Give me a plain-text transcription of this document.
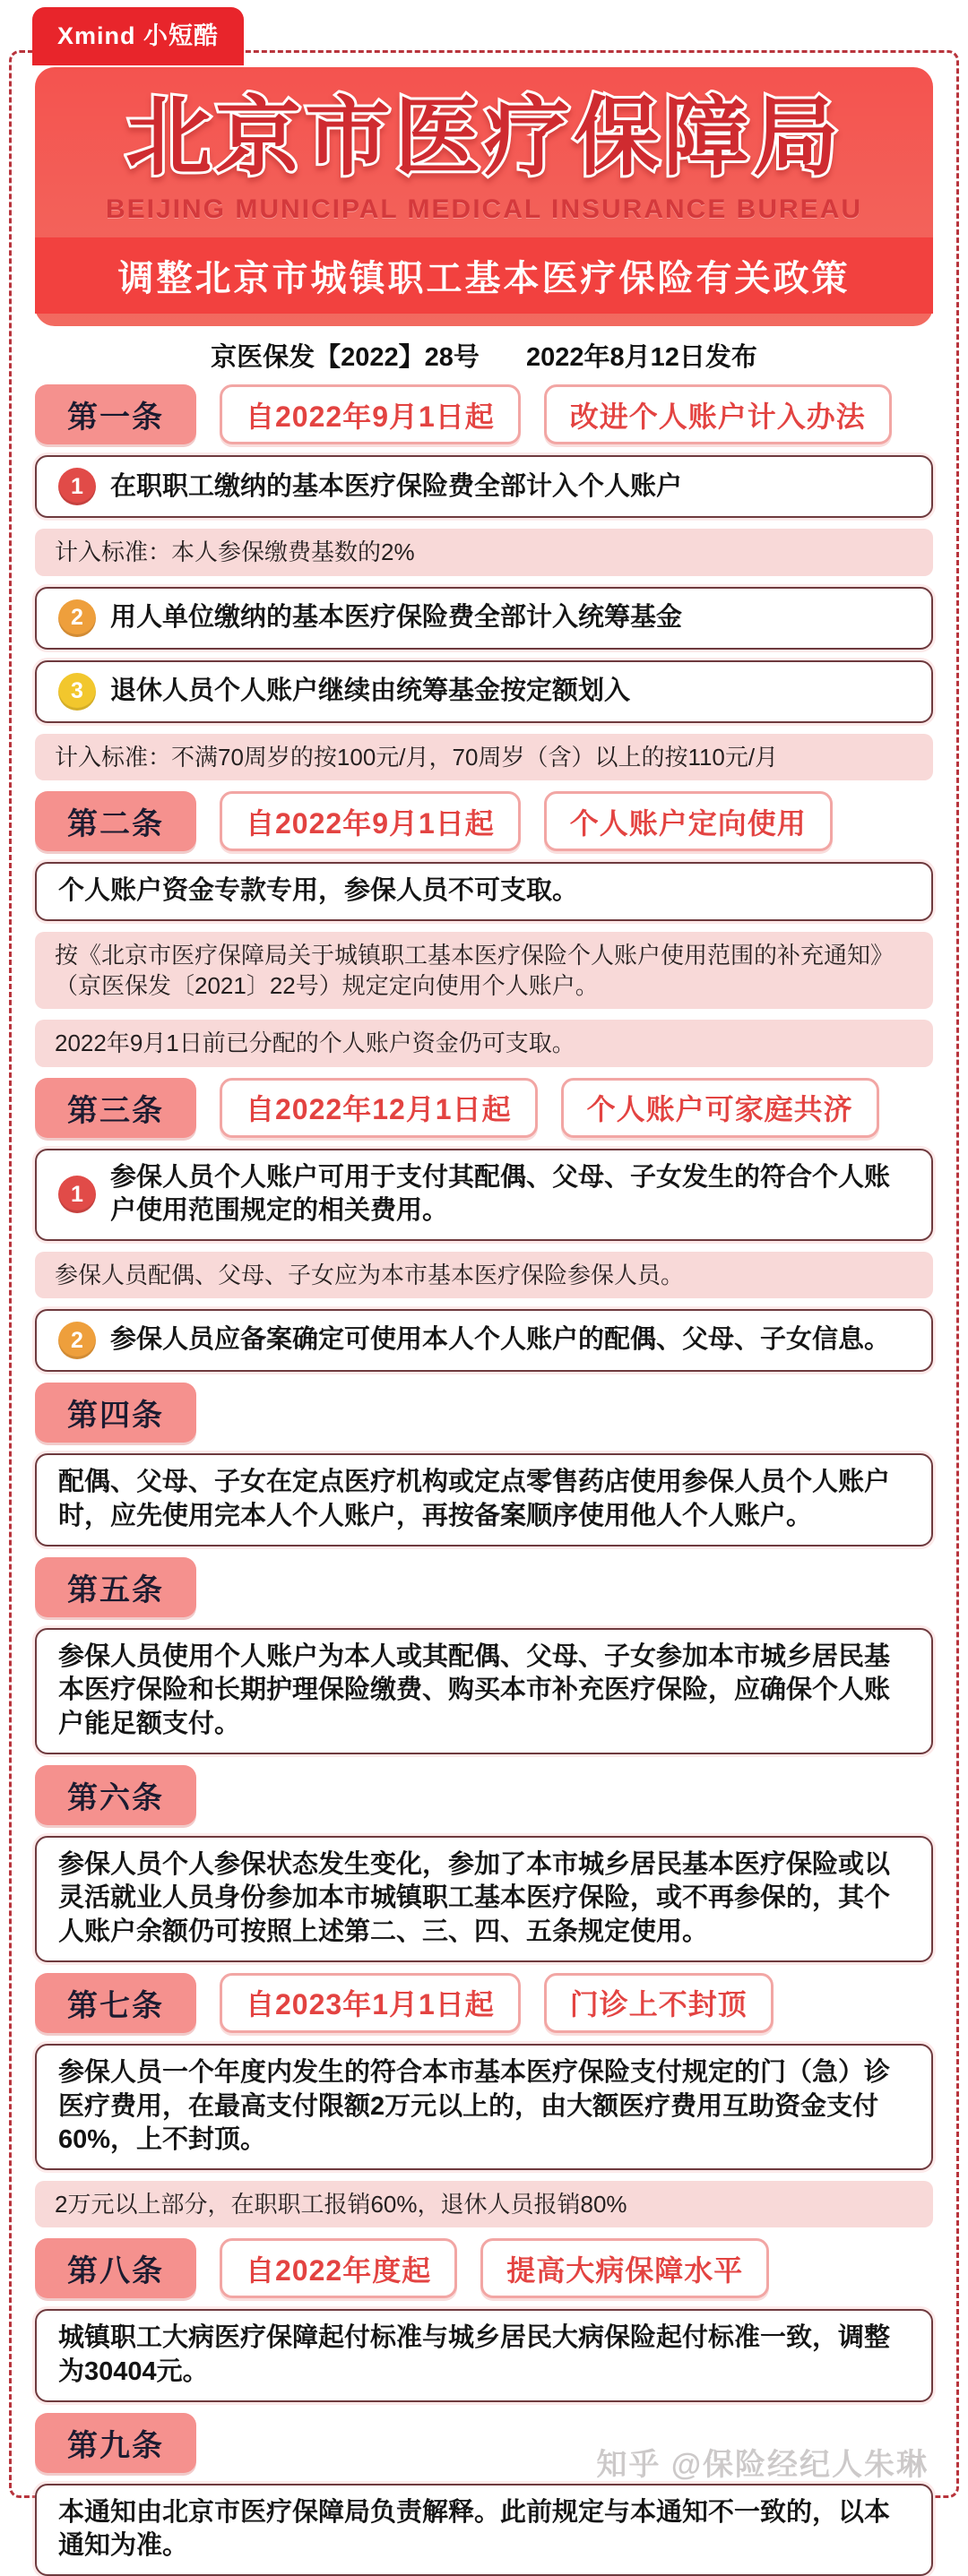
Xmind 小短酷
北京市医疗保障局
BEIJING MUNICIPAL MEDICAL INSURANCE BUREAU
调整北京市城镇职工基本医疗保险有关政策
京医保发【2022】28号 2022年8月12日发布
第一条	自2022年9月1日起	改进个人账户计入办法
1	在职职工缴纳的基本医疗保险费全部计入个人账户
计入标准：本人参保缴费基数的2%
2	用人单位缴纳的基本医疗保险费全部计入统筹基金
3	退休人员个人账户继续由统筹基金按定额划入
计入标准：不满70周岁的按100元/月，70周岁（含）以上的按110元/月
第二条	自2022年9月1日起	个人账户定向使用
个人账户资金专款专用，参保人员不可支取。
按《北京市医疗保障局关于城镇职工基本医疗保险个人账户使用范围的补充通知》（京医保发〔2021〕22号）规定定向使用个人账户。
2022年9月1日前已分配的个人账户资金仍可支取。
第三条	自2022年12月1日起	个人账户可家庭共济
1
参保人员个人账户可用于支付其配偶、父母、子女发生的符合个人账户使用范围规定的相关费用。
参保人员配偶、父母、子女应为本市基本医疗保险参保人员。
2	参保人员应备案确定可使用本人个人账户的配偶、父母、子女信息。
第四条
配偶、父母、子女在定点医疗机构或定点零售药店使用参保人员个人账户时，应先使用完本人个人账户，再按备案顺序使用他人个人账户。
第五条
参保人员使用个人账户为本人或其配偶、父母、子女参加本市城乡居民基本医疗保险和长期护理保险缴费、购买本市补充医疗保险，应确保个人账户能足额支付。
第六条
参保人员个人参保状态发生变化，参加了本市城乡居民基本医疗保险或以灵活就业人员身份参加本市城镇职工基本医疗保险，或不再参保的，其个人账户余额仍可按照上述第二、三、四、五条规定使用。
第七条	自2023年1月1日起	门诊上不封顶
参保人员一个年度内发生的符合本市基本医疗保险支付规定的门（急）诊医疗费用，在最高支付限额2万元以上的，由大额医疗费用互助资金支付60%，上不封顶。
2万元以上部分，在职职工报销60%，退休人员报销80%
第八条	自2022年度起	提高大病保障水平
城镇职工大病医疗保障起付标准与城乡居民大病保险起付标准一致，调整为30404元。
第九条
本通知由北京市医疗保障局负责解释。此前规定与本通知不一致的，以本通知为准。
知乎 @保险经纪人朱琳
